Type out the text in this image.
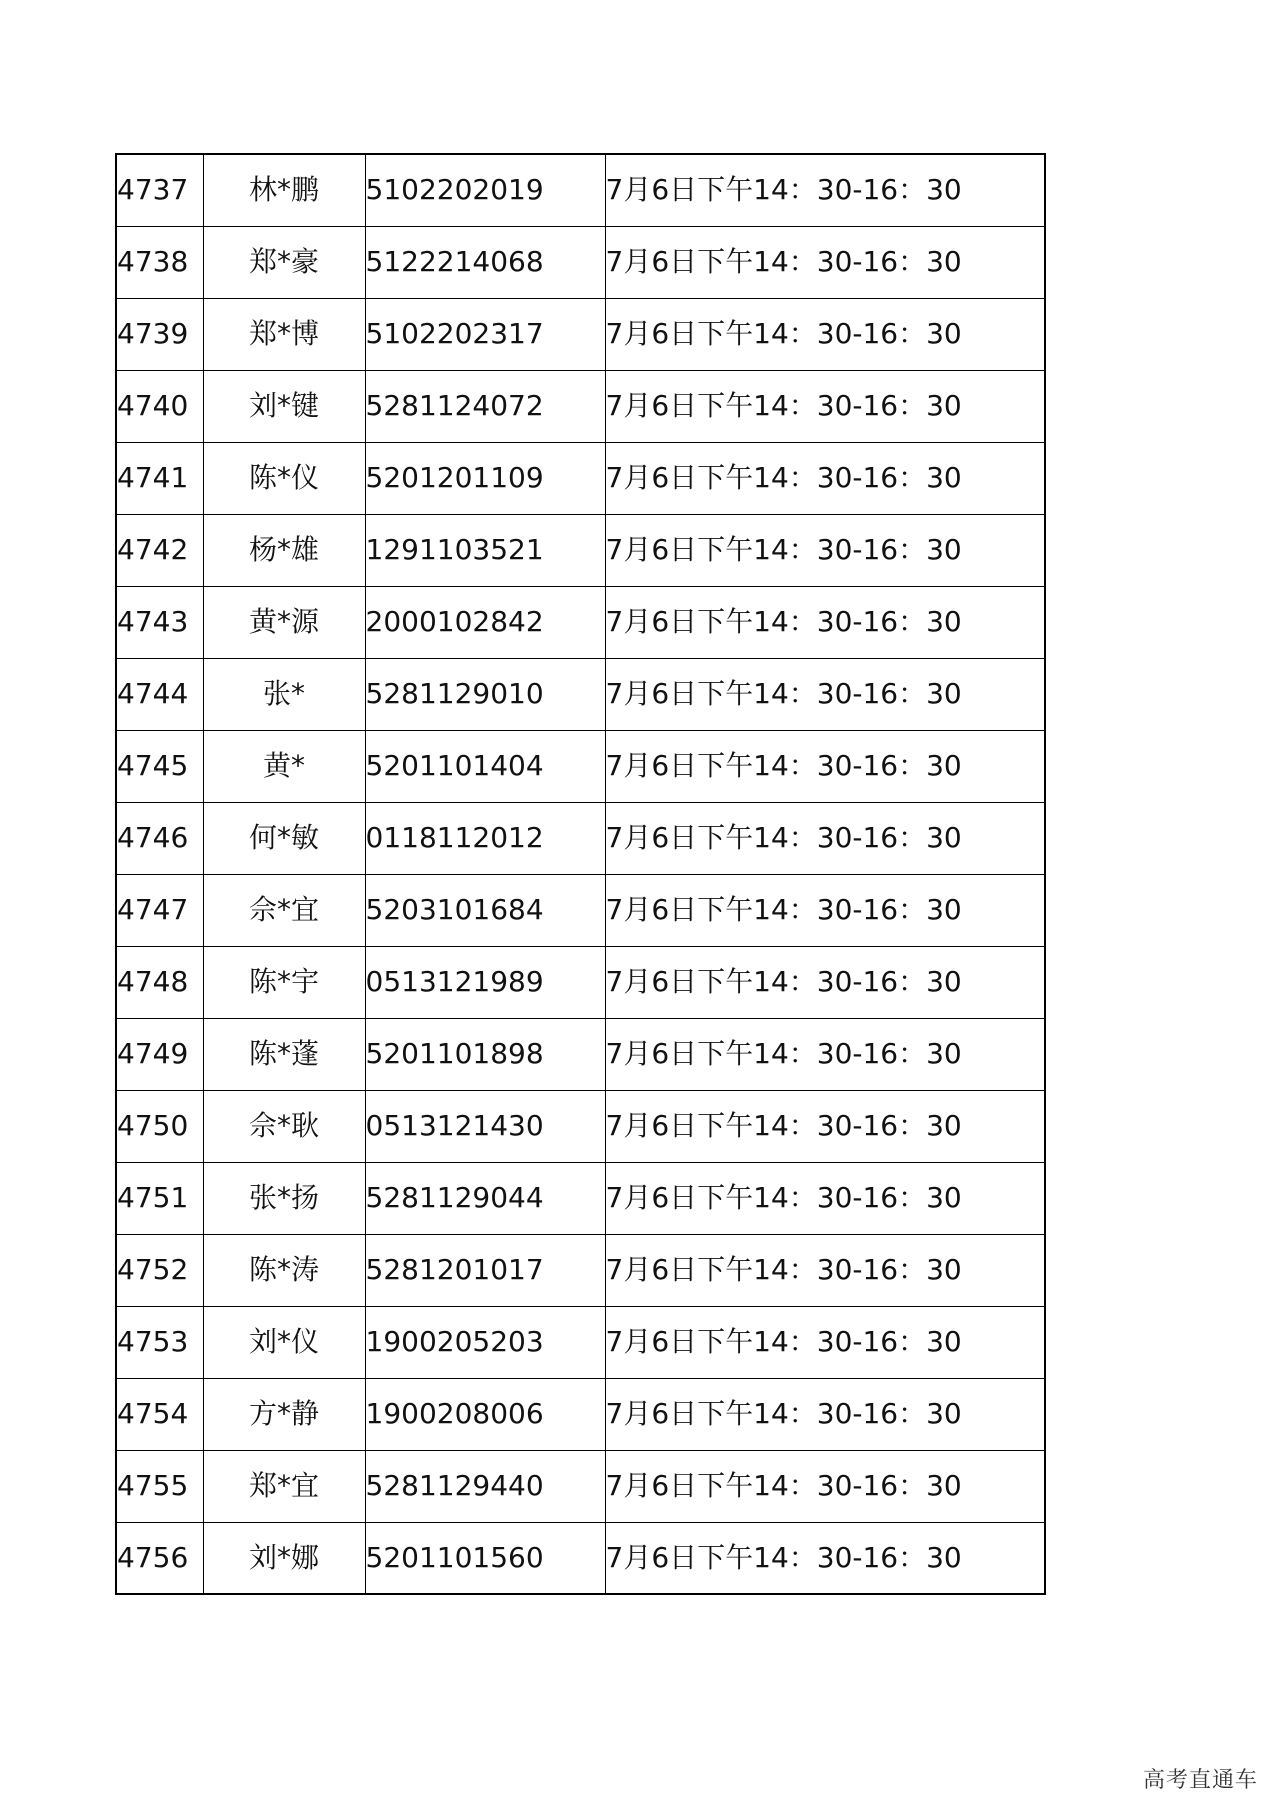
4737	林*鹏	5102202019	7月6日下午14：30-16：30
4738	郑*豪	5122214068	7月6日下午14：30-16：30
4739	郑*博	5102202317	7月6日下午14：30-16：30
4740	刘*键	5281124072	7月6日下午14：30-16：30
4741	陈*仪	5201201109	7月6日下午14：30-16：30
4742	杨*雄	1291103521	7月6日下午14：30-16：30
4743	黄*源	2000102842	7月6日下午14：30-16：30
4744	张*	5281129010	7月6日下午14：30-16：30
4745	黄*	5201101404	7月6日下午14：30-16：30
4746	何*敏	0118112012	7月6日下午14：30-16：30
4747	佘*宜	5203101684	7月6日下午14：30-16：30
4748	陈*宇	0513121989	7月6日下午14：30-16：30
4749	陈*蓬	5201101898	7月6日下午14：30-16：30
4750	佘*耿	0513121430	7月6日下午14：30-16：30
4751	张*扬	5281129044	7月6日下午14：30-16：30
4752	陈*涛	5281201017	7月6日下午14：30-16：30
4753	刘*仪	1900205203	7月6日下午14：30-16：30
4754	方*静	1900208006	7月6日下午14：30-16：30
4755	郑*宜	5281129440	7月6日下午14：30-16：30
4756	刘*娜	5201101560	7月6日下午14：30-16：30
高考直通车
